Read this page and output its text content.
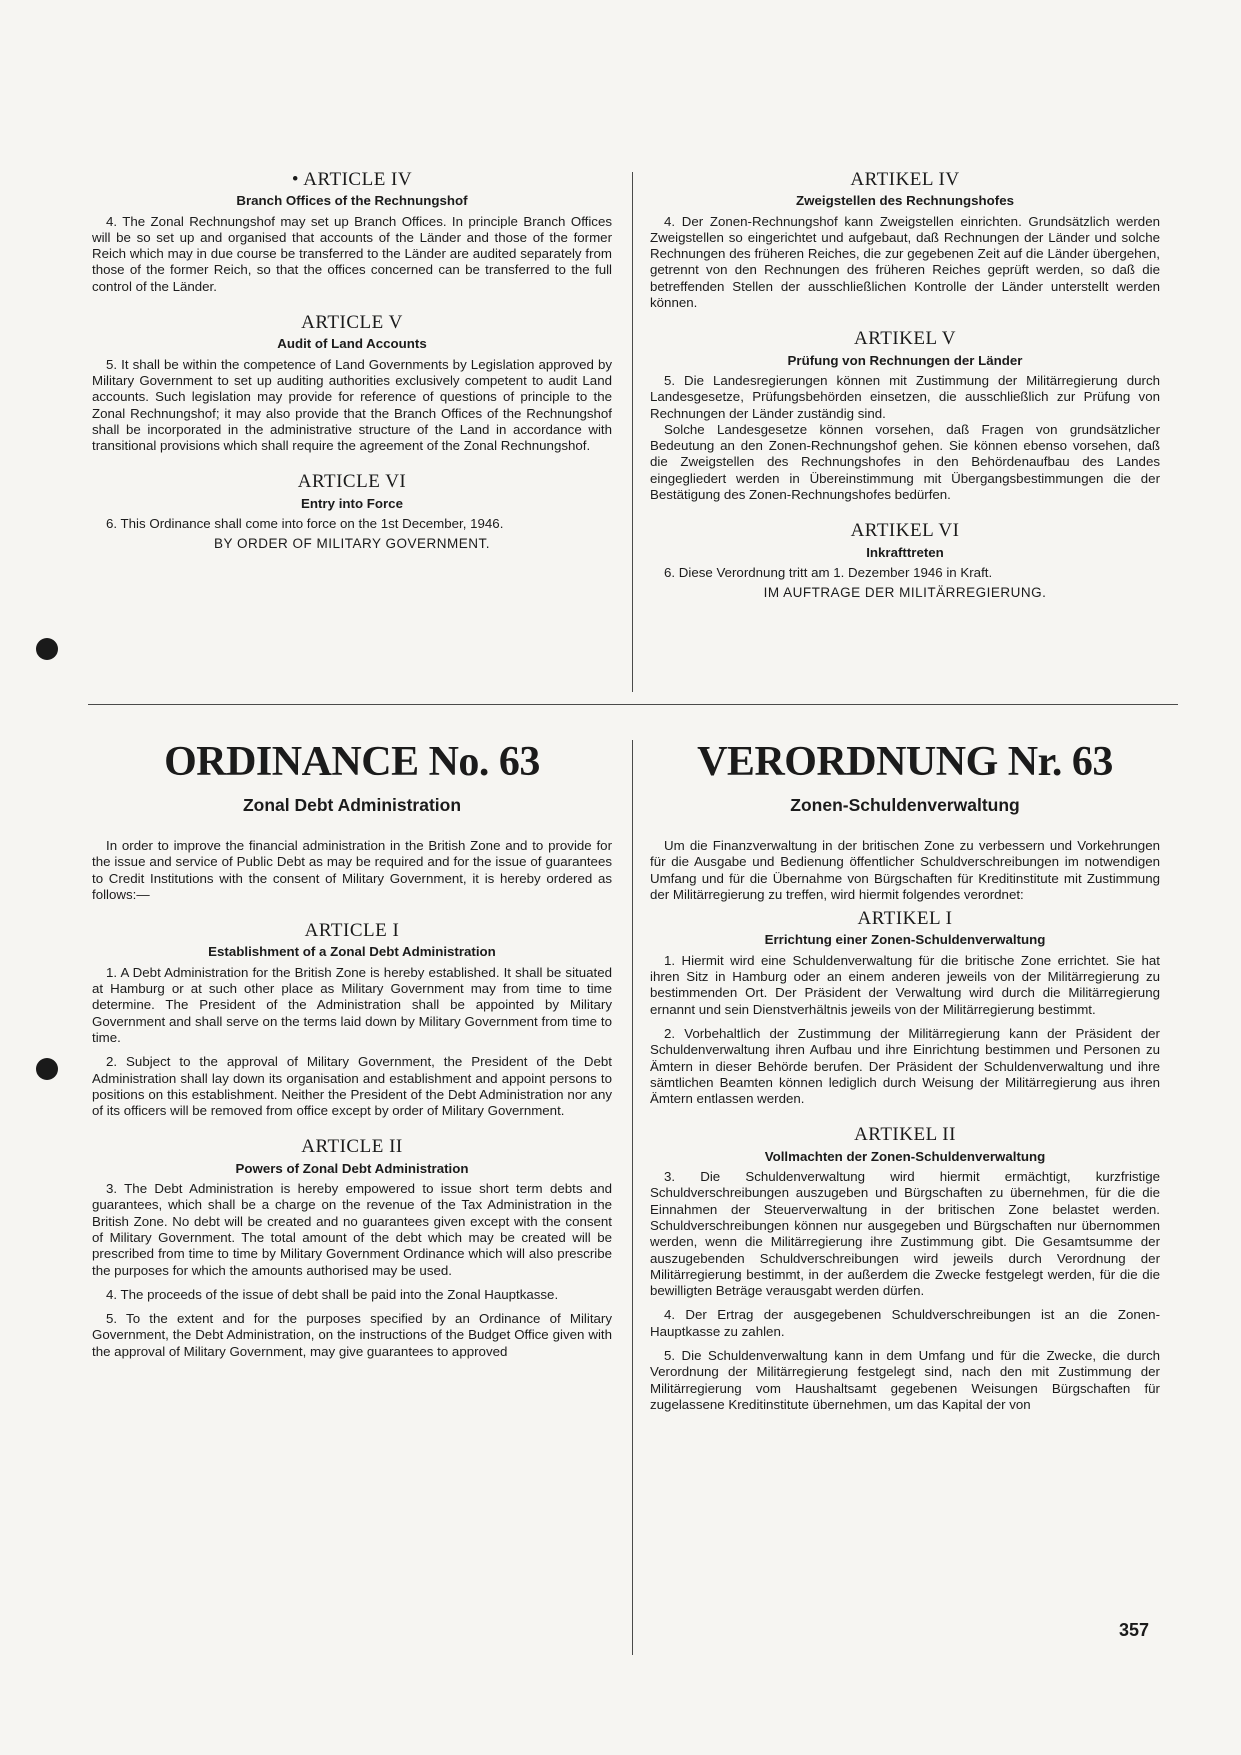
• ARTICLE IV
Branch Offices of the Rechnungshof

4. The Zonal Rechnungshof may set up Branch Offices. In principle Branch Offices will be so set up and organised that accounts of the Länder and those of the former Reich which may in due course be transferred to the Länder are audited separately from those of the former Reich, so that the offices concerned can be transferred to the full control of the Länder.

ARTICLE V
Audit of Land Accounts

5. It shall be within the competence of Land Governments by Legislation approved by Military Government to set up auditing authorities exclusively competent to audit Land accounts. Such legislation may provide for reference of questions of principle to the Zonal Rechnungshof; it may also provide that the Branch Offices of the Rechnungshof shall be incorporated in the administrative structure of the Land in accordance with transitional provisions which shall require the agreement of the Zonal Rechnungshof.

ARTICLE VI
Entry into Force

6. This Ordinance shall come into force on the 1st December, 1946.

BY ORDER OF MILITARY GOVERNMENT.

ARTIKEL IV
Zweigstellen des Rechnungshofes

4. Der Zonen-Rechnungshof kann Zweigstellen einrichten. Grundsätzlich werden Zweigstellen so eingerichtet und aufgebaut, daß Rechnungen der Länder und solche Rechnungen des früheren Reiches, die zur gegebenen Zeit auf die Länder übergehen, getrennt von den Rechnungen des früheren Reiches geprüft werden, so daß die betreffenden Stellen der ausschließlichen Kontrolle der Länder unterstellt werden können.

ARTIKEL V
Prüfung von Rechnungen der Länder

5. Die Landesregierungen können mit Zustimmung der Militärregierung durch Landesgesetze, Prüfungsbehörden einsetzen, die ausschließlich zur Prüfung von Rechnungen der Länder zuständig sind.

Solche Landesgesetze können vorsehen, daß Fragen von grundsätzlicher Bedeutung an den Zonen-Rechnungshof gehen. Sie können ebenso vorsehen, daß die Zweigstellen des Rechnungshofes in den Behördenaufbau des Landes eingegliedert werden in Übereinstimmung mit Übergangsbestimmungen die der Bestätigung des Zonen-Rechnungshofes bedürfen.

ARTIKEL VI
Inkrafttreten

6. Diese Verordnung tritt am 1. Dezember 1946 in Kraft.

IM AUFTRAGE DER MILITÄRREGIERUNG.

ORDINANCE No. 63
Zonal Debt Administration
VERORDNUNG Nr. 63
Zonen-Schuldenverwaltung

In order to improve the financial administration in the British Zone and to provide for the issue and service of Public Debt as may be required and for the issue of guarantees to Credit Institutions with the consent of Military Government, it is hereby ordered as follows:—

ARTICLE I
Establishment of a Zonal Debt Administration

1. A Debt Administration for the British Zone is hereby established. It shall be situated at Hamburg or at such other place as Military Government may from time to time determine. The President of the Administration shall be appointed by Military Government and shall serve on the terms laid down by Military Government from time to time.

2. Subject to the approval of Military Government, the President of the Debt Administration shall lay down its organisation and establishment and appoint persons to positions on this establishment. Neither the President of the Debt Administration nor any of its officers will be removed from office except by order of Military Government.

ARTICLE II
Powers of Zonal Debt Administration

3. The Debt Administration is hereby empowered to issue short term debts and guarantees, which shall be a charge on the revenue of the Tax Administration in the British Zone. No debt will be created and no guarantees given except with the consent of Military Government. The total amount of the debt which may be created will be prescribed from time to time by Military Government Ordinance which will also prescribe the purposes for which the amounts authorised may be used.

4. The proceeds of the issue of debt shall be paid into the Zonal Hauptkasse.

5. To the extent and for the purposes specified by an Ordinance of Military Government, the Debt Administration, on the instructions of the Budget Office given with the approval of Military Government, may give guarantees to approved

Um die Finanzverwaltung in der britischen Zone zu verbessern und Vorkehrungen für die Ausgabe und Bedienung öffentlicher Schuldverschreibungen im notwendigen Umfang und für die Übernahme von Bürgschaften für Kreditinstitute mit Zustimmung der Militärregierung zu treffen, wird hiermit folgendes verordnet:

ARTIKEL I
Errichtung einer Zonen-Schuldenverwaltung

1. Hiermit wird eine Schuldenverwaltung für die britische Zone errichtet. Sie hat ihren Sitz in Hamburg oder an einem anderen jeweils von der Militärregierung zu bestimmenden Ort. Der Präsident der Verwaltung wird durch die Militärregierung ernannt und sein Dienstverhältnis jeweils von der Militärregierung bestimmt.

2. Vorbehaltlich der Zustimmung der Militärregierung kann der Präsident der Schuldenverwaltung ihren Aufbau und ihre Einrichtung bestimmen und Personen zu Ämtern in dieser Behörde berufen. Der Präsident der Schuldenverwaltung und ihre sämtlichen Beamten können lediglich durch Weisung der Militärregierung aus ihren Ämtern entlassen werden.

ARTIKEL II
Vollmachten der Zonen-Schuldenverwaltung

3. Die Schuldenverwaltung wird hiermit ermächtigt, kurzfristige Schuldverschreibungen auszugeben und Bürgschaften zu übernehmen, für die die Einnahmen der Steuerverwaltung in der britischen Zone belastet werden. Schuldverschreibungen können nur ausgegeben und Bürgschaften nur übernommen werden, wenn die Militärregierung ihre Zustimmung gibt. Die Gesamtsumme der auszugebenden Schuldverschreibungen wird jeweils durch Verordnung der Militärregierung bestimmt, in der außerdem die Zwecke festgelegt werden, für die die bewilligten Beträge verausgabt werden dürfen.

4. Der Ertrag der ausgegebenen Schuldverschreibungen ist an die Zonen-Hauptkasse zu zahlen.

5. Die Schuldenverwaltung kann in dem Umfang und für die Zwecke, die durch Verordnung der Militärregierung festgelegt sind, nach den mit Zustimmung der Militärregierung vom Haushaltsamt gegebenen Weisungen Bürgschaften für zugelassene Kreditinstitute übernehmen, um das Kapital der von

357
